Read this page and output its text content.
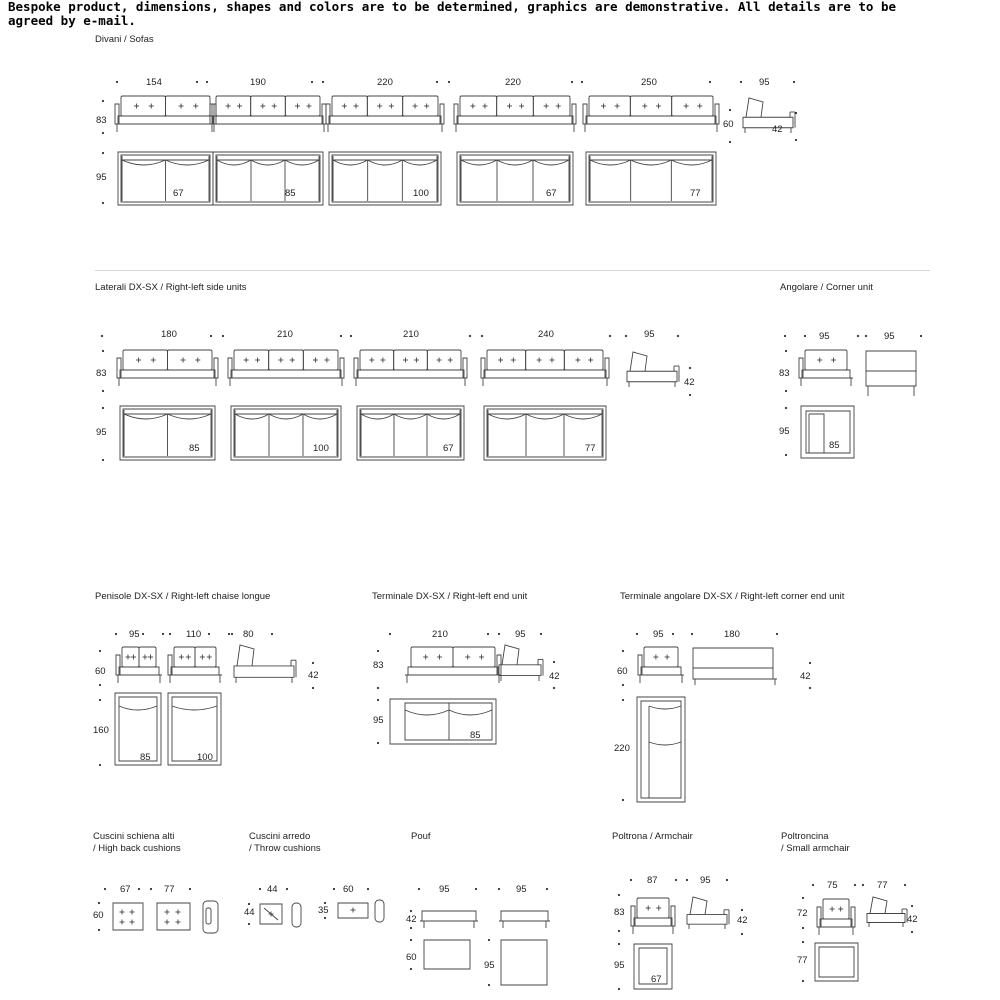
Bespoke product, dimensions, shapes and colors are to be determined, graphics are demonstrative. All details are to be agreed by e-mail.
Divani / Sofas
Laterali DX-SX / Right-left side units	Angolare / Corner unit
Penisole DX-SX / Right-left chaise longue	Terminale DX-SX / Right-left end unit	Terminale angolare DX-SX / Right-left corner end unit
Cuscini schiena alti
/ High back cushions
Cuscini arredo
/ Throw cushions
Pouf	Poltrona / Armchair	Poltroncina
/ Small armchair
154	190	220	220	250	95
83	60	42
95
67	85	100	67	77
180	210	210	240	95
83
42
95
85	100	67	77
95	95
83
95
85
95	110	80
60	42
160
85	100
210	95
83
42
95
85
95	180
60	42
220
67	77
60
44
44
60
35
95	95
42
60
95
87	95
83
42
95
67
75	77
72
42
77
